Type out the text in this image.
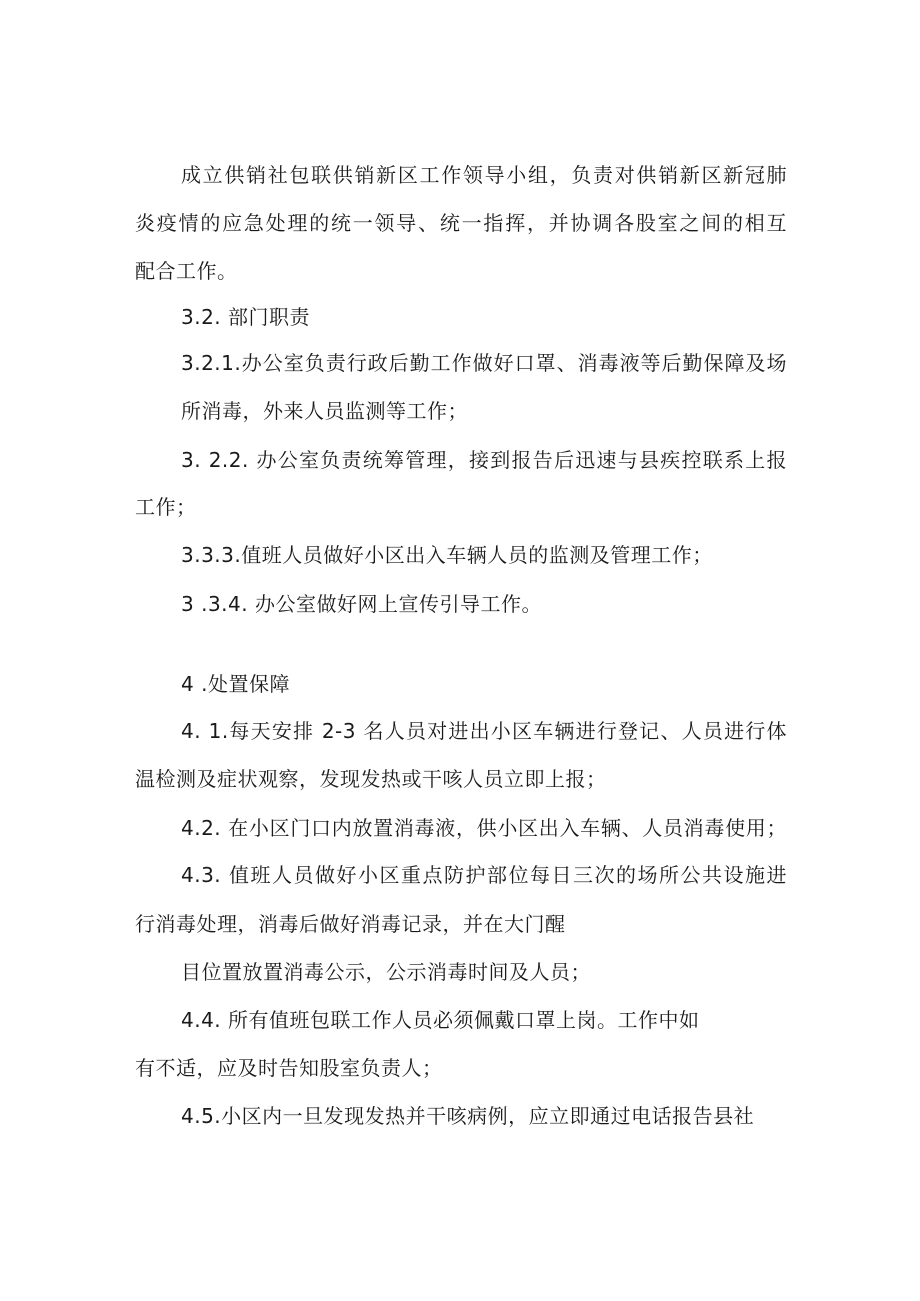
成立供销社包联供销新区工作领导小组，负责对供销新区新冠肺
炎疫情的应急处理的统一领导、统一指挥，并协调各股室之间的相互
配合工作。
3.2. 部门职责
3.2.1.办公室负责行政后勤工作做好口罩、消毒液等后勤保障及场
所消毒，外来人员监测等工作；
3. 2.2. 办公室负责统筹管理，接到报告后迅速与县疾控联系上报
工作；
3.3.3.值班人员做好小区出入车辆人员的监测及管理工作；
3 .3.4. 办公室做好网上宣传引导工作。
4 .处置保障
4. 1.每天安排 2-3 名人员对进出小区车辆进行登记、人员进行体
温检测及症状观察，发现发热或干咳人员立即上报；
4.2. 在小区门口内放置消毒液，供小区出入车辆、人员消毒使用；
4.3. 值班人员做好小区重点防护部位每日三次的场所公共设施进
行消毒处理，消毒后做好消毒记录，并在大门醒
目位置放置消毒公示，公示消毒时间及人员；
4.4. 所有值班包联工作人员必须佩戴口罩上岗。工作中如
有不适，应及时告知股室负责人；
4.5.小区内一旦发现发热并干咳病例，应立即通过电话报告县社
